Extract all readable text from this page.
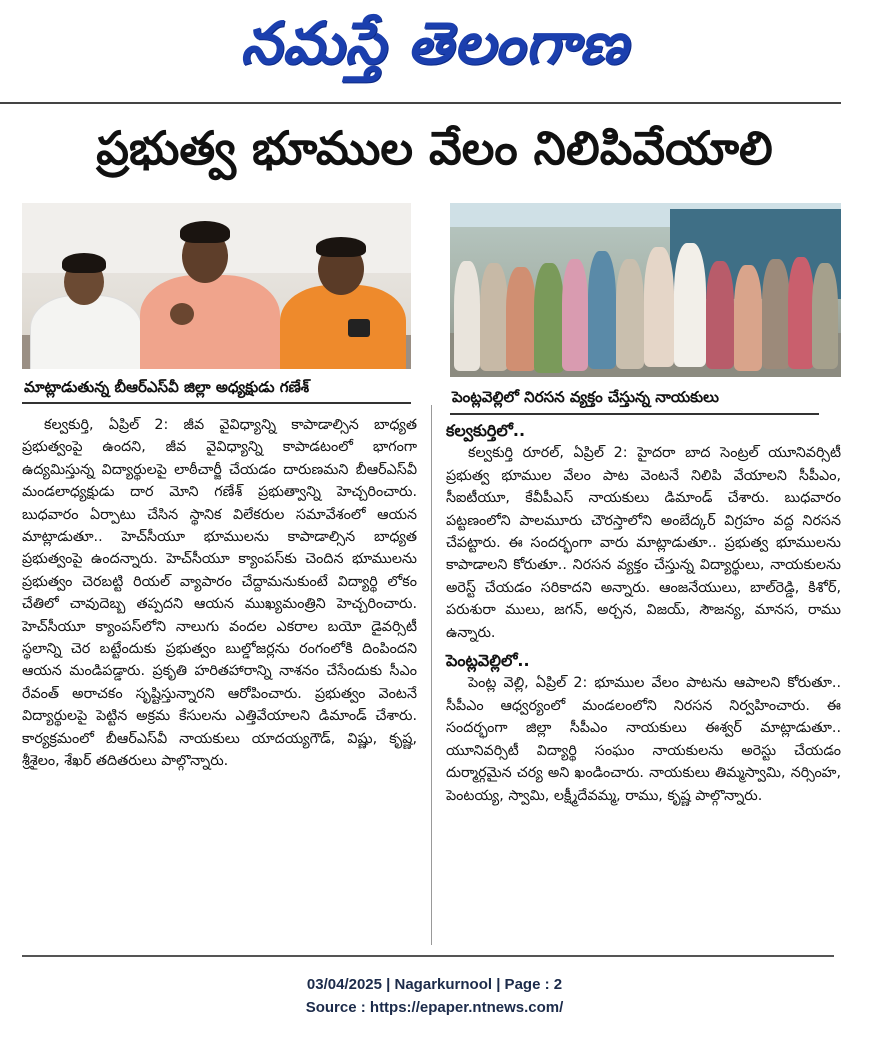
నమస్తే తెలంగాణ
ప్రభుత్వ భూముల వేలం నిలిపివేయాలి
మాట్లాడుతున్న బీఆర్‌ఎస్‌వీ జిల్లా అధ్యక్షుడు గణేశ్
పెంట్లవెల్లిలో నిరసన వ్యక్తం చేస్తున్న నాయకులు

కల్వకుర్తి, ఏప్రిల్ 2: జీవ వైవిధ్యాన్ని కాపాడాల్సిన బాధ్యత ప్రభుత్వంపై ఉందని, జీవ వైవిధ్యాన్ని కాపాడటంలో భాగంగా ఉద్యమిస్తున్న విద్యార్థులపై లాఠీచార్జీ చేయడం దారుణమని బీఆర్‌ఎస్‌వీ మండలాధ్యక్షుడు దార మోని గణేశ్ ప్రభుత్వాన్ని హెచ్చరించారు. బుధవారం ఏర్పాటు చేసిన స్థానిక విలేకరుల సమావేశంలో ఆయన మాట్లాడుతూ.. హెచ్‌సీయూ భూములను కాపాడాల్సిన బాధ్యత ప్రభుత్వంపై ఉందన్నారు. హెచ్‌సీయూ క్యాంపస్‌కు చెందిన భూములను ప్రభుత్వం చెరబట్టి రియల్ వ్యాపారం చేద్దామనుకుంటే విద్యార్థి లోకం చేతిలో చావుదెబ్బ తప్పదని ఆయన ముఖ్యమంత్రిని హెచ్చరించారు. హెచ్‌సీయూ క్యాంపస్‌లోని నాలుగు వందల ఎకరాల బయో డైవర్సిటీ స్థలాన్ని చెర బట్టేందుకు ప్రభుత్వం బుల్డోజర్లను రంగంలోకి దింపిందని ఆయన మండిపడ్డారు. ప్రకృతి హరితహారాన్ని నాశనం చేసేందుకు సీఎం రేవంత్ అరాచకం సృష్టిస్తున్నారని ఆరోపించారు. ప్రభుత్వం వెంటనే విద్యార్థులపై పెట్టిన అక్రమ కేసులను ఎత్తివేయాలని డిమాండ్ చేశారు. కార్యక్రమంలో బీఆర్‌ఎస్‌వీ నాయకులు యాదయ్యగౌడ్, విష్ణు, కృష్ణ, శ్రీశైలం, శేఖర్ తదితరులు పాల్గొన్నారు.

కల్వకుర్తిలో..

కల్వకుర్తి రూరల్, ఏప్రిల్ 2: హైదరా బాద సెంట్రల్ యూనివర్సిటీ ప్రభుత్వ భూముల వేలం పాట వెంటనే నిలిపి వేయాలని సీపీఎం, సీఐటీయూ, కేవీపీఎస్ నాయకులు డిమాండ్ చేశారు. బుధవారం పట్టణంలోని పాలమూరు చౌరస్తాలోని అంబేద్కర్ విగ్రహం వద్ద నిరసన చేపట్టారు. ఈ సందర్భంగా వారు మాట్లాడుతూ.. ప్రభుత్వ భూములను కాపాడాలని కోరుతూ.. నిరసన వ్యక్తం చేస్తున్న విద్యార్థులు, నాయకులను అరెస్ట్ చేయడం సరికాదని అన్నారు. ఆంజనేయులు, బాల్‌రెడ్డి, కిశోర్, పరుశురా ములు, జగన్, అర్చన, విజయ్, సౌజన్య, మానస, రాము ఉన్నారు.

పెంట్లవెల్లిలో..

పెంట్ల వెల్లి, ఏప్రిల్ 2: భూముల వేలం పాటను ఆపాలని కోరుతూ.. సీపీఎం ఆధ్వర్యంలో మండలంలోని నిరసన నిర్వహించారు. ఈ సందర్భంగా జిల్లా సీపీఎం నాయకులు ఈశ్వర్ మాట్లాడుతూ.. యూనివర్సిటీ విద్యార్థి సంఘం నాయకులను అరెస్టు చేయడం దుర్మార్గమైన చర్య అని ఖండించారు. నాయకులు తిమ్మస్వామి, నర్సింహ, పెంటయ్య, స్వామి, లక్ష్మీదేవమ్మ, రాము, కృష్ణ పాల్గొన్నారు.

03/04/2025 | Nagarkurnool | Page : 2
Source : https://epaper.ntnews.com/
